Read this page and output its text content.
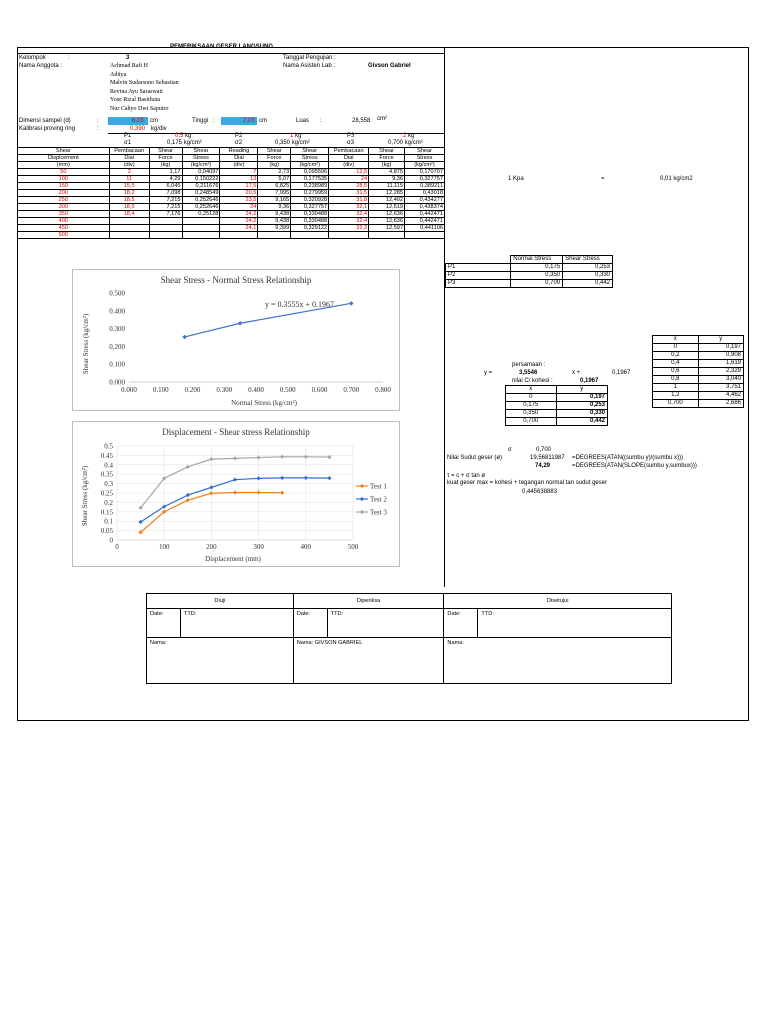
PEMERIKSAAN GESER LANGSUNG
Kelompok	:	3
Nama Anggota :	Achmad Rafi H
Aditya
Malvin Sudarsono Sebastian
Revina Ayu Saraswati
Yose Rizal Basithuta
Nur Cahyo Dwi Saputro
Tanggal Pengujian :
Nama Asisten Lab :	Givson Gabriel
Dimensi sampel (d)	:	6,03 cm	Tinggi :	2,03 cm	Luas :	28,558 cm²
Kalibrasi proving ring	:	0,390 kg/div
P1	0,5 kg
σ1	0,175 kg/cm²
P2	1 kg
σ2	0,350 kg/cm²
P3	2 kg
σ3	0,700 kg/cm²
Shear	Pembacaan	Shear	Shear	Reading	Shear	Shear	Pembacaan	Shear	Shear
Displcement	Dial	Force	Stress	Dial	Force	Stress	Dial	Force	Stress
(mm)	(div)	(kg)	(kg/cm²)	(div)	(kg)	(kg/cm²)	(div)	(kg)	(kg/cm²)
50	3	1,17	0,04097	7	2,73	0,095596	12,5	4,875	0,170707
100	11	4,29	0,150222	13	5,07	0,177535	24	9,36	0,327757
150	15,5	6,045	0,211676	17,5	6,825	0,238989	28,5	11,115	0,389211
200	18,2	7,098	0,248549	20,5	7,995	0,279959	31,5	12,285	0,43018
250	18,5	7,215	0,252646	23,5	9,165	0,320928	31,8	12,402	0,434277
300	18,5	7,215	0,252646	24	9,36	0,327757	32,1	12,519	0,438374
350	18,4	7,176	0,25128	24,2	9,438	0,330488	32,4	12,636	0,442471
400				24,2	9,438	0,330488	32,4	12,636	0,442471
450				24,1	9,399	0,329122	32,3	12,597	0,441106
500									
1 Kpa	=	0,01 kg/cm2
	Normal Stress	Shear Stress
P1	0,175	0,253
P2	0,350	0,330
P3	0,700	0,442
x	y
0	0,197
0,2	0,908
0,4	1,619
0,6	2,329
0,8	3,040
1	3,751
1,2	4,462
0,700	2,686
persamaan :
y =	3,5546	x +	0,1967
nilai C/ kohesi :	0,1967
x	y
0	0,197
0,175	0,253
0,350	0,330
0,700	0,442
σ	0,700
Nilai Sudut geser (ø)	19,56811987 =DEGREES(ATAN((sumbu y)/(sumbu x)))
74,29	=DEGREES(ATAN(SLOPE(sumbu y,sumbux)))
τ = c + σ tan ø
kuat geser max = kohesi + tegangan normal tan sudut geser
0,445638883
Shear Stress - Normal Stress Relationship
Normal Stress (kg/cm²)
Shear Stress (kg/cm²)
y = 0.3555x + 0.1967
0.000 0.100 0.200 0.300 0.400 0.500 0.600 0.700 0.800
0.000
0.100
0.200
0.300
0.400
0.500
Displacement - Shear stress Relationship
Displacement (mm)
Shear Stress (kg/cm²)
0
0.05
0.1
0.15
0.2
0.25
0.3
0.35
0.4
0.45
0.5
0	100	200	300	400	500
Test 1
Test 2
Test 3
Diuji		Diperiksa		Disetujui	
Date:	TTD:	Date:	TTD:	Date:	TTD:
Nama:		Nama: GIVSON GABRIEL		Nama:	
